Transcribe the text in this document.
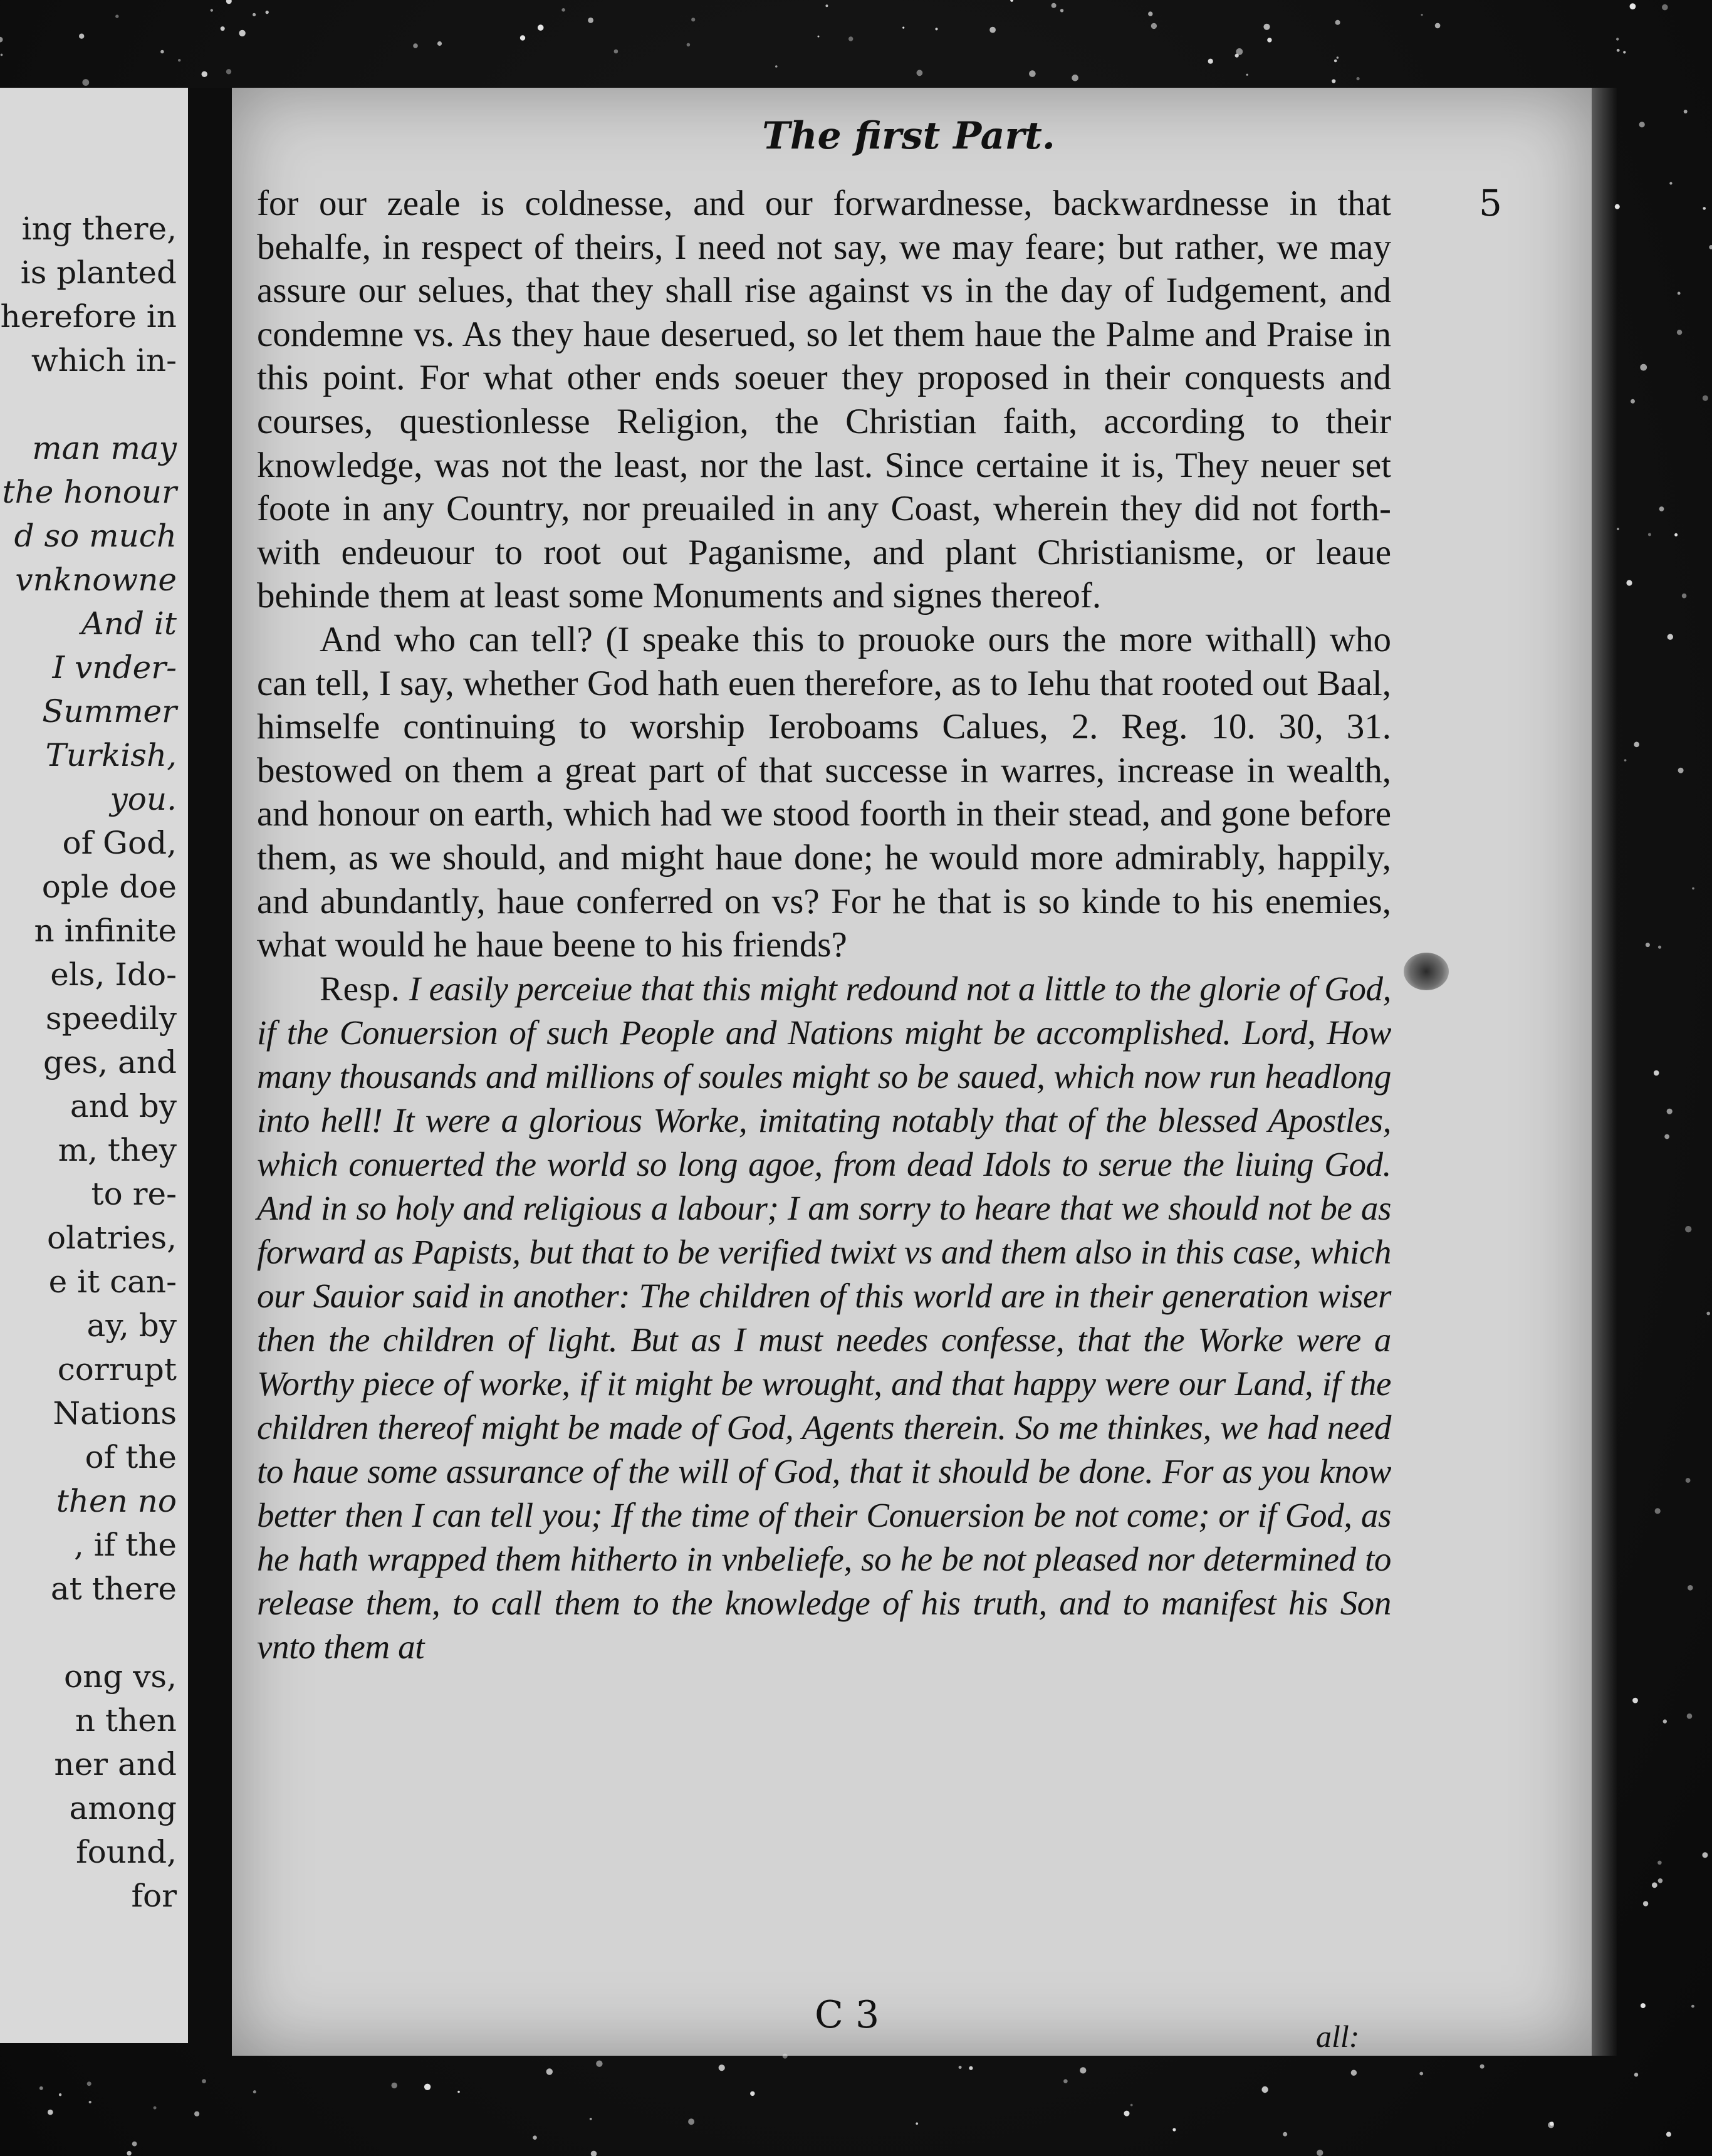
ing there,
is planted
herefore in
which in-
man may
the honour
d so much
vnknowne
And it
I vnder-
Summer
Turkish,
you.
of God,
ople doe
n infinite
els, Ido-
speedily
ges, and
and by
m, they
to re-
olatries,
e it can-
ay, by
corrupt
Nations
of the
then no
, if the
at there
ong vs,
n then
ner and
among
found,
for
The first Part.
5

for our zeale is coldnesse, and our forwardnesse, backwardnesse in that behalfe, in respect of theirs, I need not say, we may feare; but rather, we may assure our selues, that they shall rise against vs in the day of Iudgement, and condemne vs. As they haue deserued, so let them haue the Palme and Praise in this point. For what other ends soeuer they proposed in their conquests and courses, questionlesse Religion, the Christian faith, according to their knowledge, was not the least, nor the last. Since certaine it is, They neuer set foote in any Country, nor preuailed in any Coast, wherein they did not forth-with endeuour to root out Paganisme, and plant Christianisme, or leaue behinde them at least some Monuments and signes thereof.

And who can tell? (I speake this to prouoke ours the more withall) who can tell, I say, whether God hath euen therefore, as to Iehu that rooted out Baal, himselfe continuing to worship Ieroboams Calues, 2. Reg. 10. 30, 31. bestowed on them a great part of that successe in warres, increase in wealth, and honour on earth, which had we stood foorth in their stead, and gone before them, as we should, and might haue done; he would more admirably, happily, and abundantly, haue conferred on vs? For he that is so kinde to his enemies, what would he haue beene to his friends?

Resp. I easily perceiue that this might redound not a little to the glorie of God, if the Conuersion of such People and Nations might be accomplished. Lord, How many thousands and millions of soules might so be saued, which now run headlong into hell! It were a glorious Worke, imitating notably that of the blessed Apostles, which conuerted the world so long agoe, from dead Idols to serue the liuing God. And in so holy and religious a labour; I am sorry to heare that we should not be as forward as Papists, but that to be verified twixt vs and them also in this case, which our Sauior said in another: The children of this world are in their generation wiser then the children of light. But as I must needes confesse, that the Worke were a Worthy piece of worke, if it might be wrought, and that happy were our Land, if the children thereof might be made of God, Agents therein. So me thinkes, we had need to haue some assurance of the will of God, that it should be done. For as you know better then I can tell you; If the time of their Conuersion be not come; or if God, as he hath wrapped them hitherto in vnbeliefe, so he be not pleased nor determined to release them, to call them to the knowledge of his truth, and to manifest his Son vnto them at

C 3	all:
